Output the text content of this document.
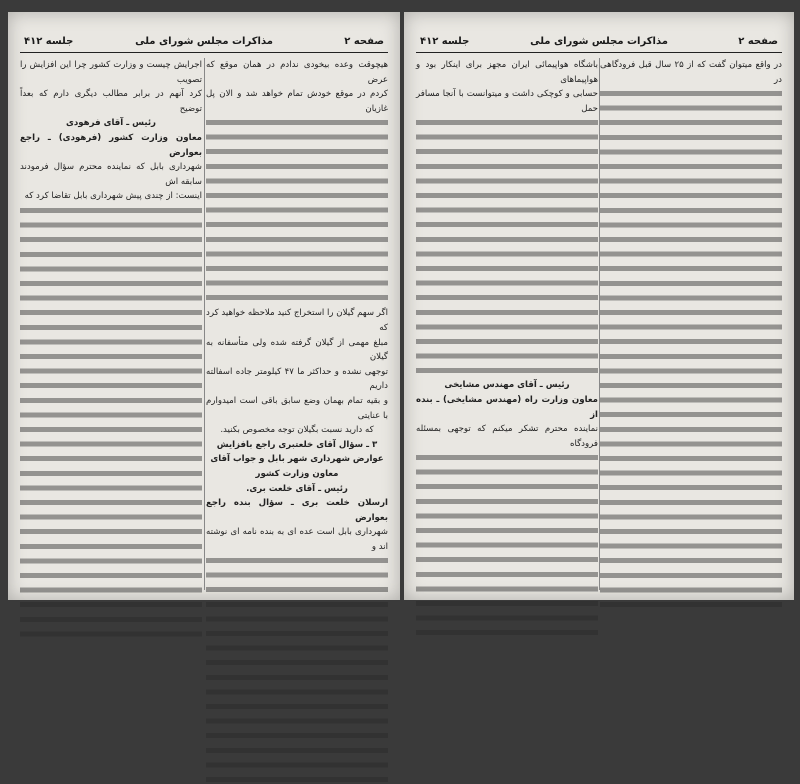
صفحه ۲
مذاکرات مجلس شورای ملی
جلسه ۴۱۲
هیچوقت وعده بیخودی ندادم در همان موقع که عرض
کردم در موقع خودش تمام خواهد شد و الان پل غازیان
اگر سهم گیلان را استخراج کنید ملاحظه خواهید کرد که
مبلغ مهمی از گیلان گرفته شده ولی متأسفانه به گیلان
توجهی نشده و حداکثر ما ۴۷ کیلومتر جاده اسفالته داریم
و بقیه تمام بهمان وضع سابق باقی است امیدوارم با عنایتی
که دارید نسبت بگیلان توجه مخصوص بکنید.
۳ ـ سؤال آقای خلعتبری راجع بافزایش عوارض شهرداری شهر بابل و جواب آقای معاون وزارت کشور
رئیس ـ آقای خلعت بری.
ارسلان خلعت بری ـ سؤال بنده راجع بعوارض
شهرداری بابل است عده ای به بنده نامه ای نوشته اند و
اجرایش چیست و وزارت کشور چرا این افزایش را تصویب
کرد آنهم در برابر مطالب دیگری دارم که بعداً توضیح
رئیس ـ آقای فرهودی
معاون وزارت کشور (فرهودی) ـ راجع بعوارض
شهرداری بابل که نماینده محترم سؤال فرمودند سابقه اش
اینست: از چندی پیش شهرداری بابل تقاضا کرد که
صفحه ۲
مذاکرات مجلس شورای ملی
جلسه ۴۱۲
در واقع میتوان گفت که از ۲۵ سال قبل فرودگاهی در
باشگاه هواپیمائی ایران مجهز برای اینکار بود و هواپیماهای
حسابی و کوچکی داشت و میتوانست با آنجا مسافر حمل
رئیس ـ آقای مهندس مشایخی
معاون وزارت راه (مهندس مشایخی) ـ بنده از
نماینده محترم تشکر میکنم که توجهی بمسئله فرودگاه
